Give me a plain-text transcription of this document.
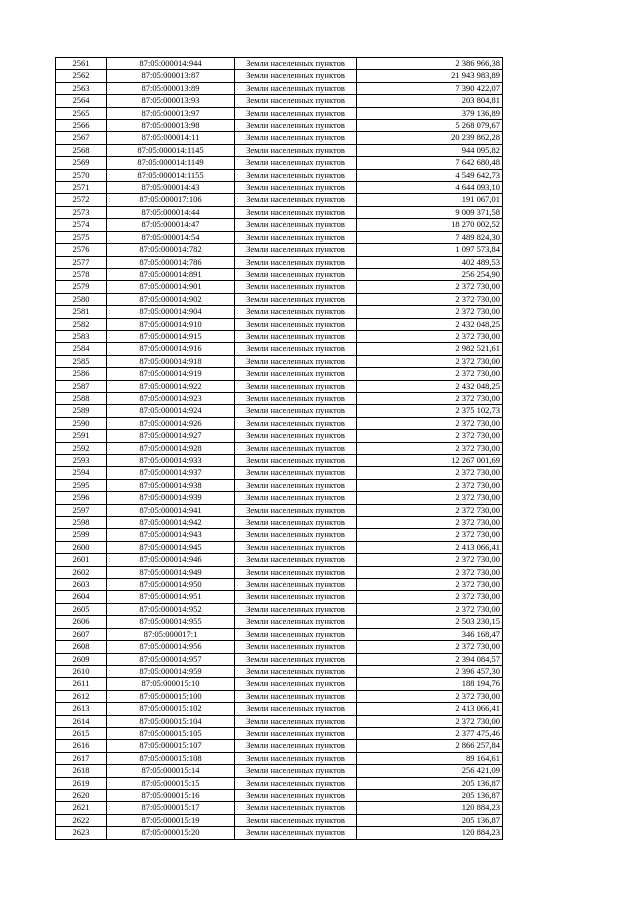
2561	87:05:000014:944	Земли населенных пунктов	2 386 966,38
2562	87:05:000013:87	Земли населенных пунктов	21 943 983,89
2563	87:05:000013:89	Земли населенных пунктов	7 390 422,07
2564	87:05:000013:93	Земли населенных пунктов	203 804,81
2565	87:05:000013:97	Земли населенных пунктов	379 136,89
2566	87:05:000013:98	Земли населенных пунктов	5 268 079,67
2567	87:05:000014:11	Земли населенных пунктов	20 239 862,28
2568	87:05:000014:1145	Земли населенных пунктов	944 095,82
2569	87:05:000014:1149	Земли населенных пунктов	7 642 680,48
2570	87:05:000014:1155	Земли населенных пунктов	4 549 642,73
2571	87:05:000014:43	Земли населенных пунктов	4 644 093,10
2572	87:05:000017:106	Земли населенных пунктов	191 067,01
2573	87:05:000014:44	Земли населенных пунктов	9 009 371,58
2574	87:05:000014:47	Земли населенных пунктов	18 270 002,52
2575	87:05:000014:54	Земли населенных пунктов	7 489 824,30
2576	87:05:000014:782	Земли населенных пунктов	1 097 573,84
2577	87:05:000014:786	Земли населенных пунктов	402 489,53
2578	87:05:000014:891	Земли населенных пунктов	256 254,90
2579	87:05:000014:901	Земли населенных пунктов	2 372 730,00
2580	87:05:000014:902	Земли населенных пунктов	2 372 730,00
2581	87:05:000014:904	Земли населенных пунктов	2 372 730,00
2582	87:05:000014:910	Земли населенных пунктов	2 432 048,25
2583	87:05:000014:915	Земли населенных пунктов	2 372 730,00
2584	87:05:000014:916	Земли населенных пунктов	2 982 521,61
2585	87:05:000014:918	Земли населенных пунктов	2 372 730,00
2586	87:05:000014:919	Земли населенных пунктов	2 372 730,00
2587	87:05:000014:922	Земли населенных пунктов	2 432 048,25
2588	87:05:000014:923	Земли населенных пунктов	2 372 730,00
2589	87:05:000014:924	Земли населенных пунктов	2 375 102,73
2590	87:05:000014:926	Земли населенных пунктов	2 372 730,00
2591	87:05:000014:927	Земли населенных пунктов	2 372 730,00
2592	87:05:000014:928	Земли населенных пунктов	2 372 730,00
2593	87:05:000014:933	Земли населенных пунктов	12 267 001,69
2594	87:05:000014:937	Земли населенных пунктов	2 372 730,00
2595	87:05:000014:938	Земли населенных пунктов	2 372 730,00
2596	87:05:000014:939	Земли населенных пунктов	2 372 730,00
2597	87:05:000014:941	Земли населенных пунктов	2 372 730,00
2598	87:05:000014:942	Земли населенных пунктов	2 372 730,00
2599	87:05:000014:943	Земли населенных пунктов	2 372 730,00
2600	87:05:000014:945	Земли населенных пунктов	2 413 066,41
2601	87:05:000014:946	Земли населенных пунктов	2 372 730,00
2602	87:05:000014:949	Земли населенных пунктов	2 372 730,00
2603	87:05:000014:950	Земли населенных пунктов	2 372 730,00
2604	87:05:000014:951	Земли населенных пунктов	2 372 730,00
2605	87:05:000014:952	Земли населенных пунктов	2 372 730,00
2606	87:05:000014:955	Земли населенных пунктов	2 503 230,15
2607	87:05:000017:1	Земли населенных пунктов	346 168,47
2608	87:05:000014:956	Земли населенных пунктов	2 372 730,00
2609	87:05:000014:957	Земли населенных пунктов	2 394 084,57
2610	87:05:000014:959	Земли населенных пунктов	2 396 457,30
2611	87:05:000015:10	Земли населенных пунктов	188 194,76
2612	87:05:000015:100	Земли населенных пунктов	2 372 730,00
2613	87:05:000015:102	Земли населенных пунктов	2 413 066,41
2614	87:05:000015:104	Земли населенных пунктов	2 372 730,00
2615	87:05:000015:105	Земли населенных пунктов	2 377 475,46
2616	87:05:000015:107	Земли населенных пунктов	2 866 257,84
2617	87:05:000015:108	Земли населенных пунктов	89 164,61
2618	87:05:000015:14	Земли населенных пунктов	256 421,09
2619	87:05:000015:15	Земли населенных пунктов	205 136,87
2620	87:05:000015:16	Земли населенных пунктов	205 136,87
2621	87:05:000015:17	Земли населенных пунктов	120 884,23
2622	87:05:000015:19	Земли населенных пунктов	205 136,87
2623	87:05:000015:20	Земли населенных пунктов	120 884,23
